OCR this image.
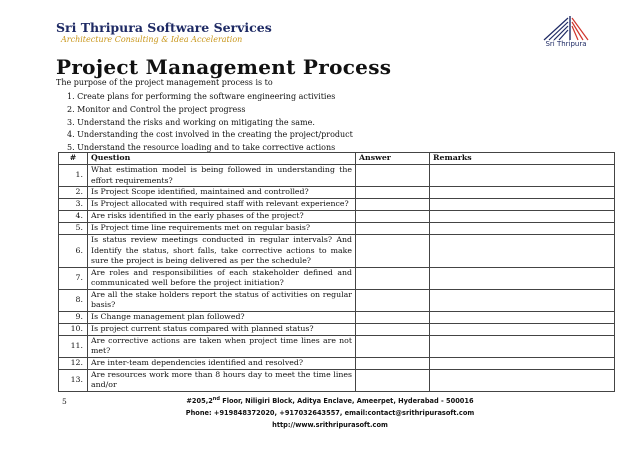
Sri Thripura Software Services
Architecture Consulting & Idea Acceleration	Sri Thripura
Project Management Process
The purpose of the project management process is to
1. Create plans for performing the software engineering activities
2. Monitor and Control the project progress
3. Understand the risks and working on mitigating the same.
4. Understanding the cost involved in the creating the project/product
5. Understand the resource loading and to take corrective actions
#	Question	Answer	Remarks
1.	What estimation model is being followed in understanding the effort requirements?		
2.	Is Project Scope identified, maintained and controlled?		
3.	Is Project allocated with required staff with relevant experience?		
4.	Are risks identified in the early phases of the project?		
5.	Is Project time line requirements met on regular basis?		
6.	Is status review meetings conducted in regular intervals? And Identify the status, short falls, take corrective actions to make sure the project is being delivered as per the schedule?		
7.	Are roles and responsibilities of each stakeholder defined and communicated well before the project initiation?		
8.	Are all the stake holders report the status of activities on regular basis?		
9.	Is Change management plan followed?		
10.	Is project current status compared with planned status?		
11.	Are corrective actions are taken when project time lines are not met?		
12.	Are inter-team dependencies identified and resolved?		
13.	Are resources work more than 8 hours day to meet the time lines and/or		
5	#205,2nd Floor, Niligiri Block, Aditya Enclave, Ameerpet, Hyderabad - 500016
Phone: +919848372020, +917032643557, email:contact@srithripurasoft.com
http://www.srithripurasoft.com
